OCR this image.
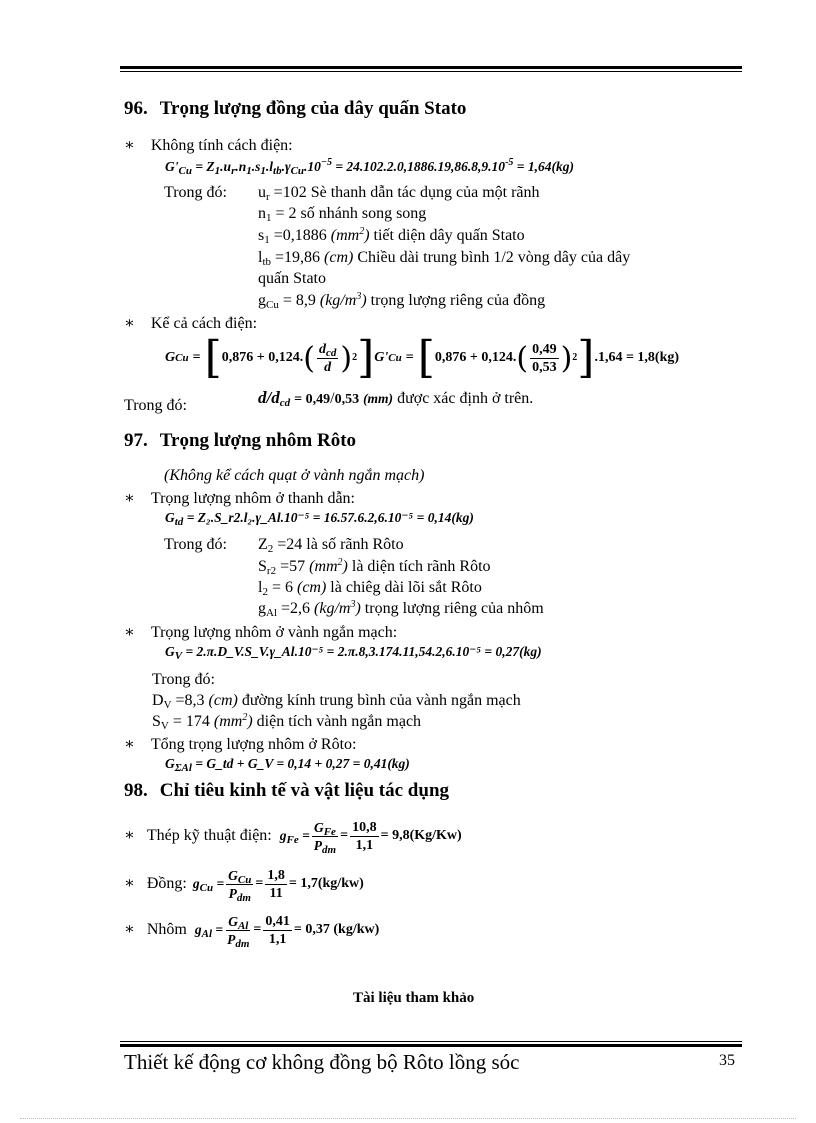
96. Trọng lượng đồng của dây quấn Stato
∗ Không tính cách điện:
$G'_{Cu} = Z_1.u_r.n_1.s_1.l_{tb}.\gamma_{Cu}.10^{-5} = 24.102.2.0,1886.19,86.8,9.10^{-5} = 1,64(kg)$
Trong đó: $u_r =102$ Sè thanh dẫn tác dụng của một rãnh
$n_1 = 2$ số nhánh song song
$s_1 =0,1886$ $(mm^2)$ tiết diện dây quấn Stato
$l_{tb} =19,86$ (cm) Chiều dài trung bình 1/2 vòng dây của dây
quấn Stato
$g_{Cu} = 8,9$ $(kg/m^3)$ trọng lượng riêng của đồng
∗ Kể cả cách điện:
G Cu = [ 0,876 + 0,124. ( $\frac{d_{cd}}{d}$ ) 2 ] G' Cu = [ 0,876 + 0,124. ( $\frac{0,49}{0,53}$ ) 2 ] .1,64 = 1,8(kg)
Trong đó:	$d/d_{cd} = 0,49/0,53$ (mm) được xác định ở trên.
97. Trọng lượng nhôm Rôto
(Không kể cách quạt ở vành ngắn mạch)
∗ Trọng lượng nhôm ở thanh dẫn:
$G_{td}$ = Z₂.S_r2.l₂.γ_Al.10⁻⁵ = 16.57.6.2,6.10⁻⁵ = 0,14(kg)
Trong đó: $Z_2 =24$ là số rãnh Rôto
$S_{r2} =57$ $(mm^2)$ là diện tích rãnh Rôto
$l_2 = 6$ (cm) là chiêg dài lõi sắt Rôto
$g_{Al} =2,6$ $(kg/m^3)$ trọng lượng riêng của nhôm
∗ Trọng lượng nhôm ở vành ngắn mạch:
$G_V$ = 2.π.D_V.S_V.γ_Al.10⁻⁵ = 2.π.8,3.174.11,54.2,6.10⁻⁵ = 0,27(kg)
Trong đó:
$D_V =8,3$ (cm) đường kính trung bình của vành ngắn mạch
$S_V = 174$ $(mm^2)$ diện tích vành ngắn mạch
∗ Tổng trọng lượng nhôm ở Rôto:
$G_{\Sigma Al}$ = G_td + G_V = 0,14 + 0,27 = 0,41(kg)
98. Chỉ tiêu kinh tế và vật liệu tác dụng
∗ Thép kỹ thuật điện: $g_{Fe} = \frac{G_{Fe}}{P_{dm}} = \frac{10,8}{1,1} = 9,8(Kg/Kw)$
∗ Đồng: $g_{Cu} = \frac{G_{Cu}}{P_{dm}} = \frac{1,8}{11} = 1,7(kg/kw)$
∗ Nhôm $g_{Al} = \frac{G_{Al}}{P_{dm}} = \frac{0,41}{1,1} = 0,37$ (kg/kw)
Tài liệu tham khảo
Thiết kế động cơ không đồng bộ Rôto lồng sóc	35
